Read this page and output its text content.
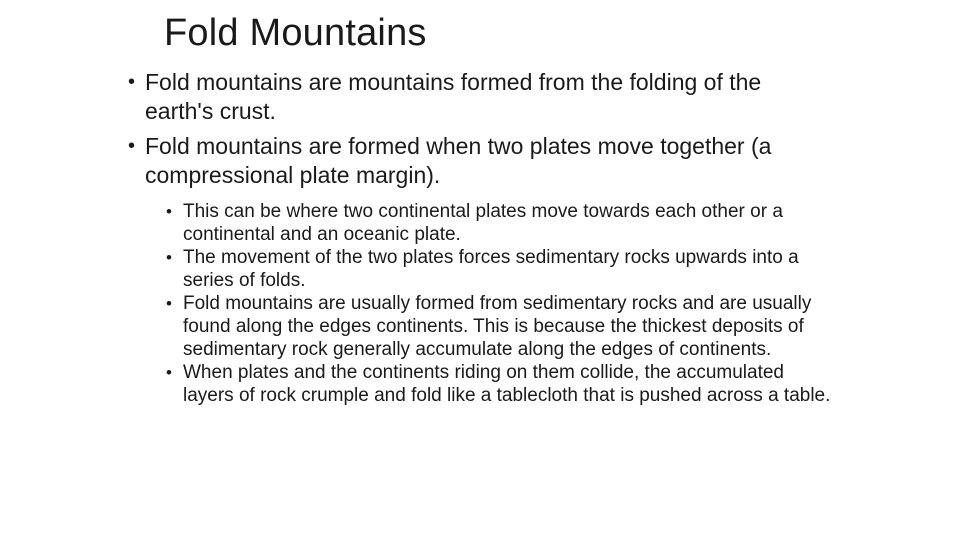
Fold Mountains
• Fold mountains are mountains formed from the folding of the earth's crust.
• Fold mountains are formed when two plates move together (a compressional plate margin).
• This can be where two continental plates move towards each other or a continental and an oceanic plate.
• The movement of the two plates forces sedimentary rocks upwards into a series of folds.
• Fold mountains are usually formed from sedimentary rocks and are usually found along the edges continents. This is because the thickest deposits of sedimentary rock generally accumulate along the edges of continents.
• When plates and the continents riding on them collide, the accumulated layers of rock crumple and fold like a tablecloth that is pushed across a table.
